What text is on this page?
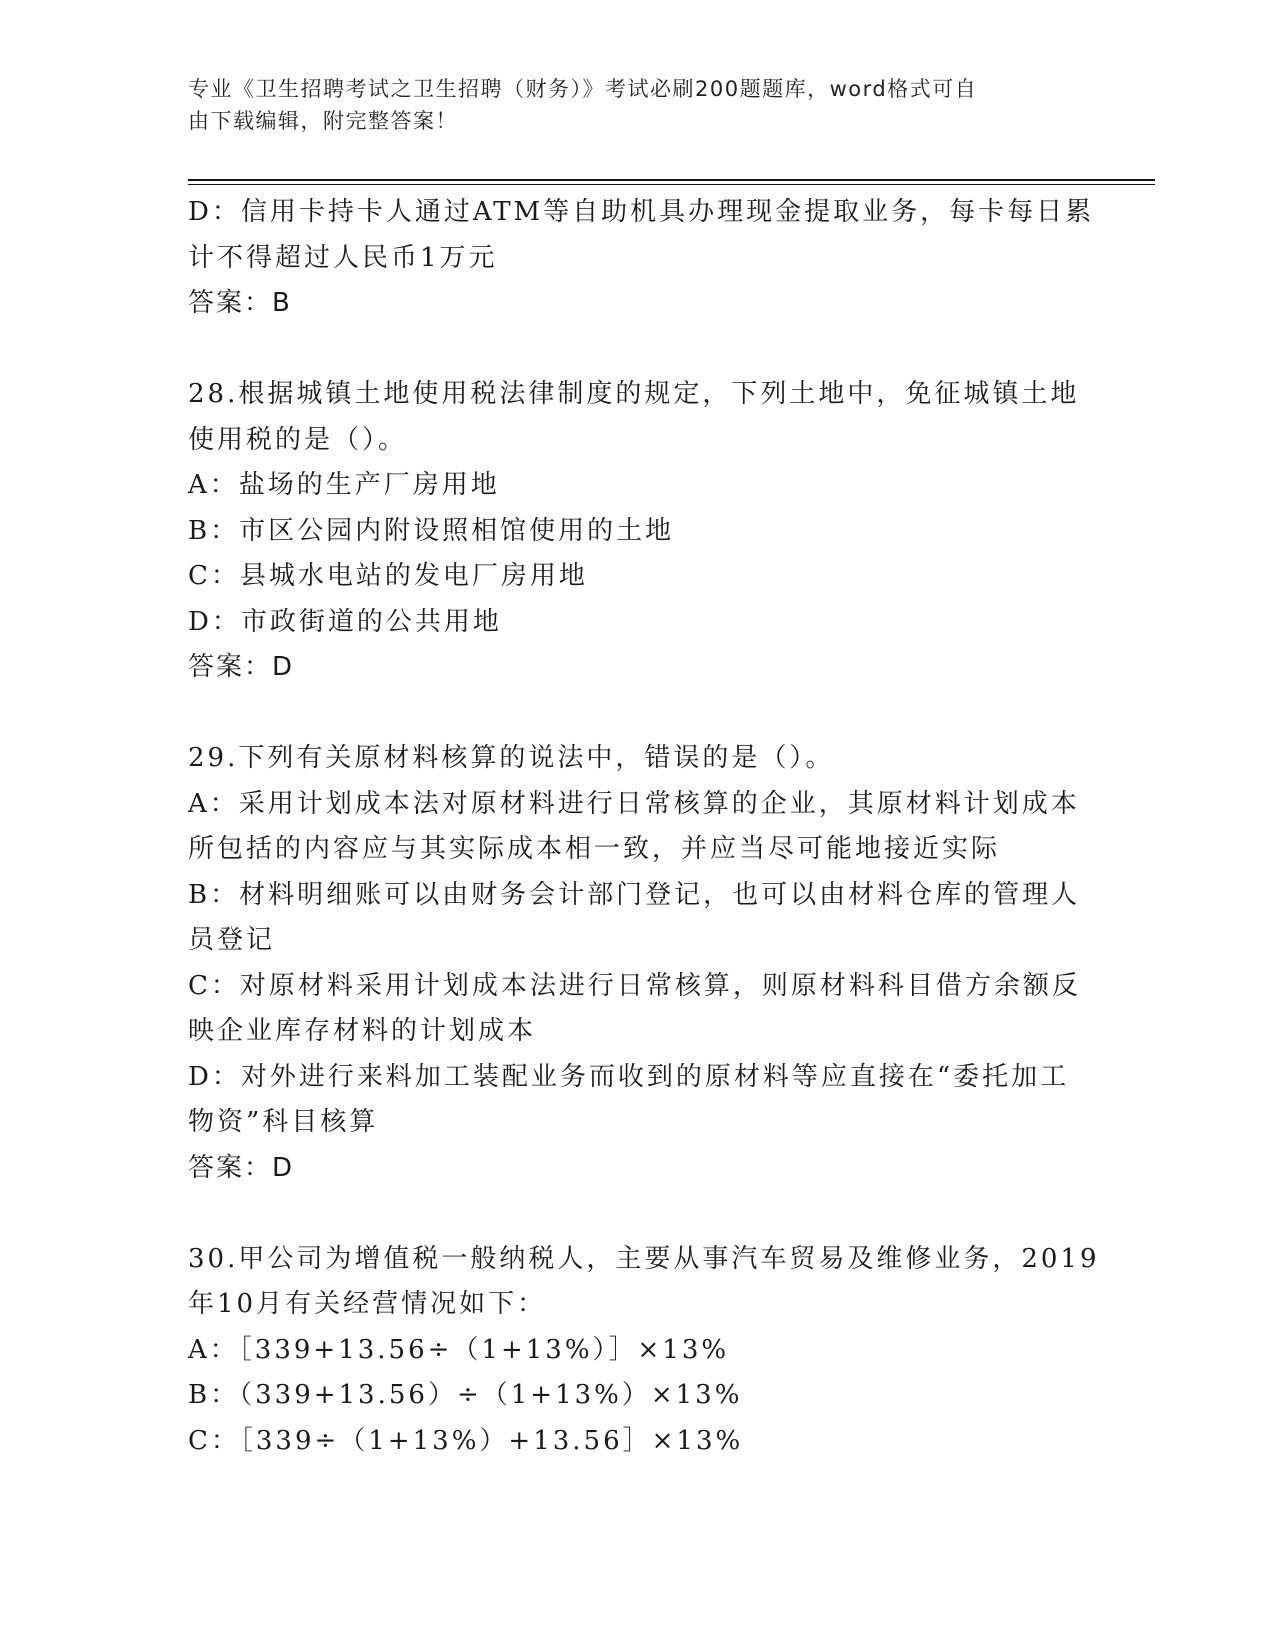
专业《卫生招聘考试之卫生招聘（财务）》考试必刷200题题库，word格式可自
由下载编辑，附完整答案！

D：信用卡持卡人通过ATM等自助机具办理现金提取业务，每卡每日累

计不得超过人民币1万元

答案：B

28.根据城镇土地使用税法律制度的规定，下列土地中，免征城镇土地

使用税的是（）。

A：盐场的生产厂房用地

B：市区公园内附设照相馆使用的土地

C：县城水电站的发电厂房用地

D：市政街道的公共用地

答案：D

29.下列有关原材料核算的说法中，错误的是（）。

A：采用计划成本法对原材料进行日常核算的企业，其原材料计划成本

所包括的内容应与其实际成本相一致，并应当尽可能地接近实际

B：材料明细账可以由财务会计部门登记，也可以由材料仓库的管理人

员登记

C：对原材料采用计划成本法进行日常核算，则原材料科目借方余额反

映企业库存材料的计划成本

D：对外进行来料加工装配业务而收到的原材料等应直接在“委托加工

物资”科目核算

答案：D

30.甲公司为增值税一般纳税人，主要从事汽车贸易及维修业务，2019

年10月有关经营情况如下：

A：［339+13.56÷（1+13%）］×13%

B：（339+13.56）÷（1+13%）×13%

C：［339÷（1+13%）+13.56］×13%
